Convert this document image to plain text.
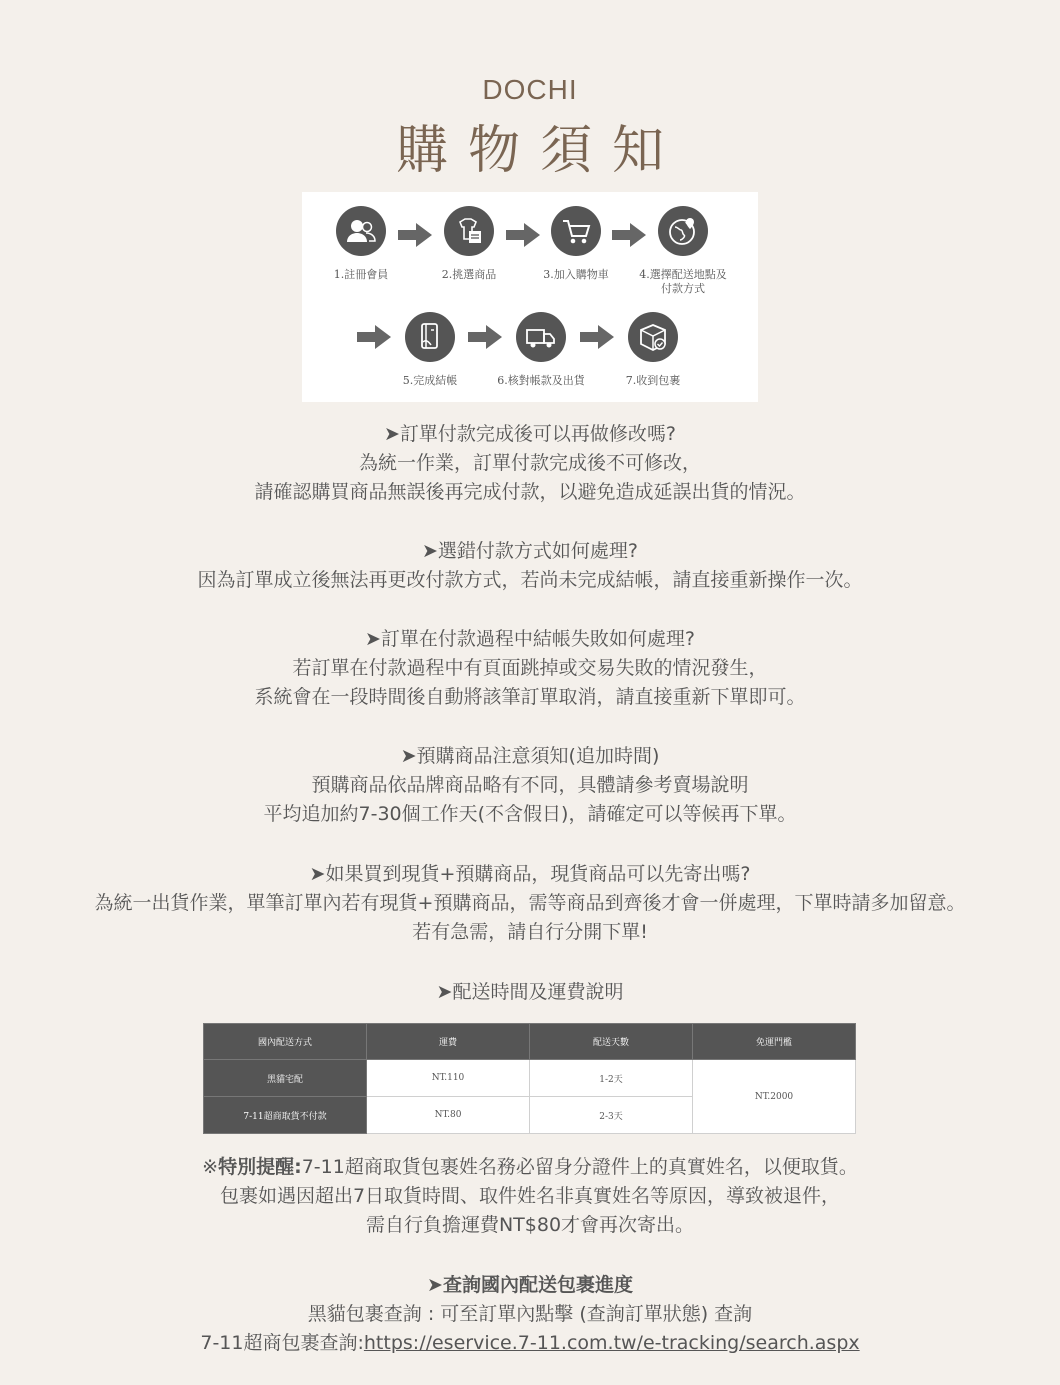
DOCHI
購物須知
1.註冊會員	2.挑選商品	3.加入購物車	4.選擇配送地點及
付款方式
5.完成結帳	6.核對帳款及出貨	7.收到包裹
➤訂單付款完成後可以再做修改嗎?
為統一作業，訂單付款完成後不可修改，
請確認購買商品無誤後再完成付款，以避免造成延誤出貨的情況。
➤選錯付款方式如何處理?
因為訂單成立後無法再更改付款方式，若尚未完成結帳，請直接重新操作一次。
➤訂單在付款過程中結帳失敗如何處理?
若訂單在付款過程中有頁面跳掉或交易失敗的情況發生，
系統會在一段時間後自動將該筆訂單取消，請直接重新下單即可。
➤預購商品注意須知(追加時間)
預購商品依品牌商品略有不同，具體請參考賣場說明
平均追加約7-30個工作天(不含假日)，請確定可以等候再下單。
➤如果買到現貨+預購商品，現貨商品可以先寄出嗎?
為統一出貨作業，單筆訂單內若有現貨+預購商品，需等商品到齊後才會一併處理，下單時請多加留意。
若有急需，請自行分開下單!
➤配送時間及運費說明
國內配送方式	運費	配送天數	免運門檻
黑貓宅配	NT.110	1-2天	NT.2000
7-11超商取貨不付款	NT.80	2-3天	
※特別提醒:7-11超商取貨包裹姓名務必留身分證件上的真實姓名，以便取貨。
包裹如遇因超出7日取貨時間、取件姓名非真實姓名等原因，導致被退件，
需自行負擔運費NT$80才會再次寄出。
➤查詢國內配送包裹進度
黑貓包裹查詢 : 可至訂單內點擊 (查詢訂單狀態) 查詢
7-11超商包裹查詢:https://eservice.7-11.com.tw/e-tracking/search.aspx
